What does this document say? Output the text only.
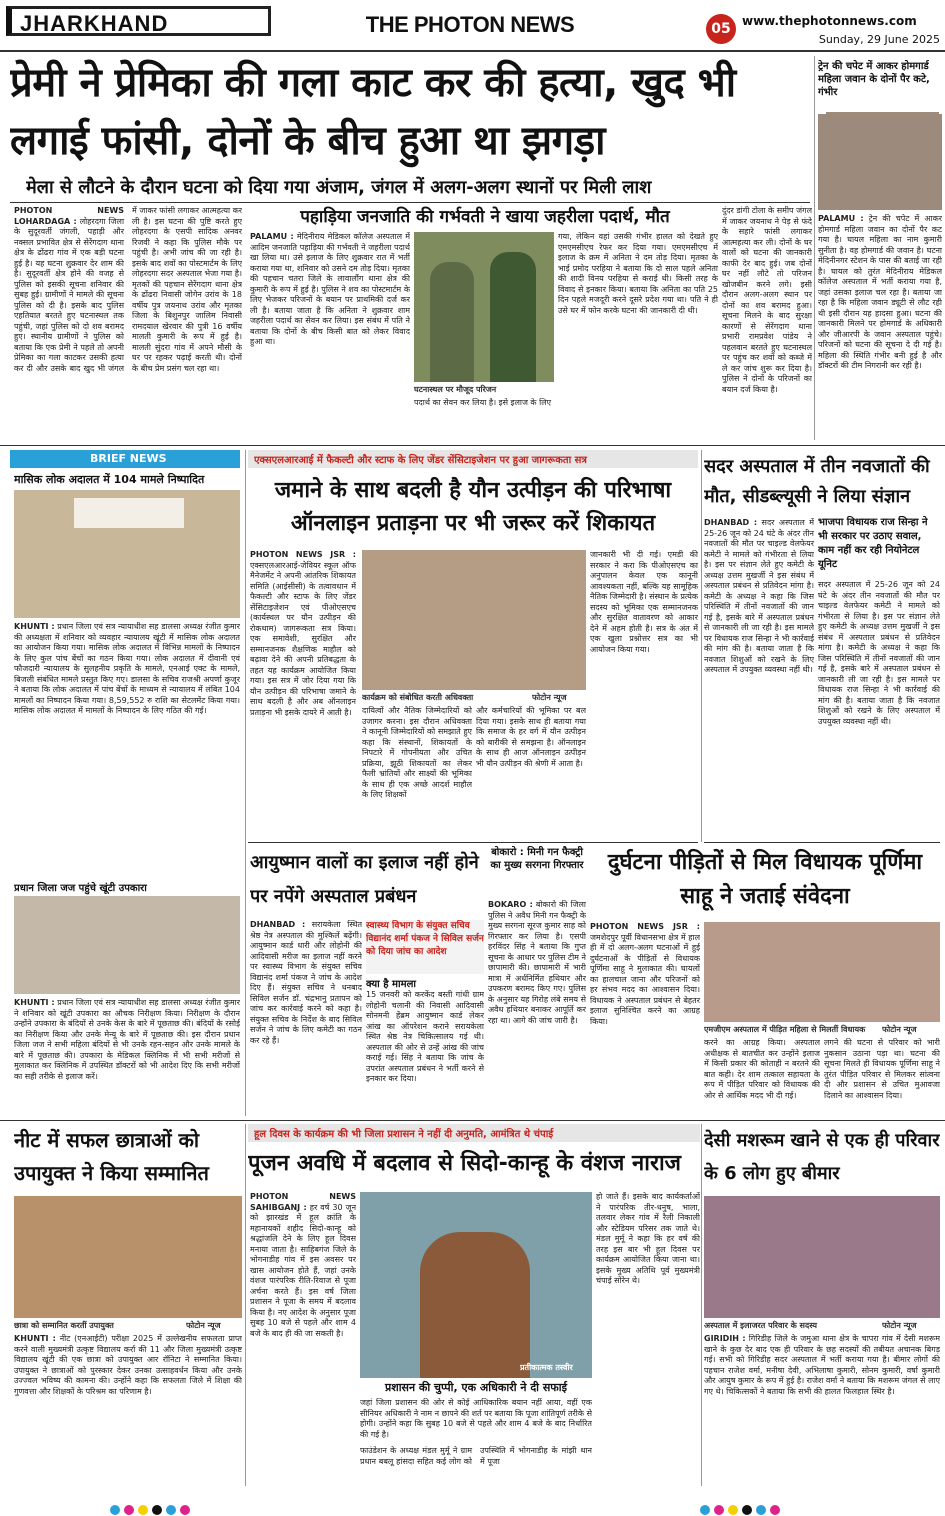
JHARKHAND	THE PHOTON NEWS	05 www.thephotonnews.com
Sunday, 29 June 2025
प्रेमी ने प्रेमिका की गला काट कर की हत्या, खुद भी लगाई फांसी, दोनों के बीच हुआ था झगड़ा
मेला से लौटने के दौरान घटना को दिया गया अंजाम, जंगल में अलग-अलग स्थानों पर मिली लाश
PHOTON NEWS LOHARDAGA : लोहरदगा जिला के सुदूरवर्ती जंगली, पहाड़ी और नक्सल प्रभावित क्षेत्र से सेरेंगदाग थाना क्षेत्र के ढोंढरा गांव में एक बड़ी घटना हुई है। यह घटना शुक्रवार देर शाम की है। सुदूरवर्ती क्षेत्र होने की वजह से पुलिस को इसकी सूचना शनिवार की सुबह हुई। ग्रामीणों ने मामले की सूचना पुलिस को दी है। इसके बाद पुलिस एहतियात बरतते हुए घटनास्थल तक पहुंची, जहां पुलिस को दो शव बरामद हुए। स्थानीय ग्रामीणों ने पुलिस को बताया कि एक प्रेमी ने पहले तो अपनी प्रेमिका का गला काटकर उसकी हत्या कर दी और उसके बाद खुद भी जंगल में जाकर फांसी लगाकर आत्महत्या कर ली है। इस घटना की पुष्टि करते हुए लोहरदगा के एसपी सादिक अनवर रिजवी ने कहा कि पुलिस मौके पर पहुंची है। अभी जांच की जा रही है। इसके बाद शवों का पोस्टमार्टम के लिए लोहरदगा सदर अस्पताल भेजा गया है। मृतकों की पहचान सेरेंगदाग थाना क्षेत्र के ढोंढरा निवासी जोगेन उरांव के 18 वर्षीय पुत्र जयनाथ उरांव और मृतका जिला के बिशुनपुर जालिम निवासी रामदयाल खेरवार की पुत्री 16 वर्षीय मालती कुमारी के रूप में हुई है। मालती सुंदरा गांव में अपने मौसी के घर पर रहकर पढ़ाई करती थी। दोनों के बीच प्रेम प्रसंग चल रहा था।
ट्रेन की चपेट में आकर होमगार्ड महिला जवान के दोनों पैर कटे, गंभीर
PALAMU : ट्रेन की चपेट में आकर होमगार्ड महिला जवान का दोनों पैर कट गया है। घायल महिला का नाम कुमारी सुनीता है। वह होमगार्ड की जवान है। घटना मेदिनीनगर स्टेशन के पास की बताई जा रही है। घायल को तुरंत मेदिनीराय मेडिकल कॉलेज अस्पताल में भर्ती कराया गया है, जहां उसका इलाज चल रहा है। बताया जा रहा है कि महिला जवान ड्यूटी से लौट रही थी इसी दौरान यह हादसा हुआ। घटना की जानकारी मिलने पर होमगार्ड के अधिकारी और जीआरपी के जवान अस्पताल पहुंचे। परिजनों को घटना की सूचना दे दी गई है। महिला की स्थिति गंभीर बनी हुई है और डॉक्टरों की टीम निगरानी कर रही है।
पहाड़िया जनजाति की गर्भवती ने खाया जहरीला पदार्थ, मौत
PALAMU : मेदिनीराय मेडिकल कॉलेज अस्पताल में आदिम जनजाति पहाड़िया की गर्भवती ने जहरीला पदार्थ खा लिया था। उसे इलाज के लिए शुक्रवार रात में भर्ती कराया गया था, शनिवार को उसने दम तोड़ दिया। मृतका की पहचान चतरा जिले के लावालौंग थाना क्षेत्र की कुमारी के रूप में हुई है। पुलिस ने शव का पोस्टमार्टम के लिए भेजकर परिजनों के बयान पर प्राथमिकी दर्ज कर ली है। बताया जाता है कि अनिता ने शुक्रवार शाम जहरीला पदार्थ का सेवन कर लिया। इस संबंध में पति ने बताया कि दोनों के बीच किसी बात को लेकर विवाद हुआ था।
घटनास्थल पर मौजूद परिजन
पदार्थ का सेवन कर लिया है। इसे इलाज के लिए
गया, लेकिन वहां उसकी गंभीर हालत को देखते हुए एमएमसीएच रेफर कर दिया गया। एमएमसीएच में इलाज के क्रम में अनिता ने दम तोड़ दिया। मृतका के भाई प्रमोद परहिया ने बताया कि दो साल पहले अनिता की शादी विनय परहिया से कराई थी। किसी तरह के विवाद से इनकार किया। बताया कि अनिता का पति 25 दिन पहले मजदूरी करने दूसरे प्रदेश गया था। पति ने ही उसे घर में फोन करके घटना की जानकारी दी थी।
दुंदर डांगी टोला के समीप जंगल में जाकर जयनाथ ने पेड़ से फंदे के सहारे फांसी लगाकर आत्महत्या कर ली। दोनों के घर वालों को घटना की जानकारी काफी देर बाद हुई। जब दोनों घर नहीं लौटे तो परिजन खोजबीन करने लगे। इसी दौरान अलग-अलग स्थान पर दोनों का शव बरामद हुआ। सूचना मिलने के बाद सुरक्षा कारणों से सेरेंगदाग थाना प्रभारी रामप्रवेश पांडेय ने पहलवान बरतते हुए घटनास्थल पर पहुंच कर शवों को कब्जे में ले कर जांच शुरू कर दिया है। पुलिस ने दोनों के परिजनों का बयान दर्ज किया है।
BRIEF NEWS
मासिक लोक अदालत में 104 मामले निष्पादित
KHUNTI : प्रधान जिला एवं सत्र न्यायाधीश सह डालसा अध्यक्ष रंजीत कुमार की अध्यक्षता में शनिवार को व्यवहार न्यायालय खूंटी में मासिक लोक अदालत का आयोजन किया गया। मासिक लोक अदालत में विभिन्न मामलों के निष्पादन के लिए कुल पांच बेंचों का गठन किया गया। लोक अदालत में दीवानी एवं फौजदारी न्यायालय के सुलहनीय प्रकृति के मामले, एनआई एक्ट के मामले, बिजली संबंधित मामले प्रस्तुत किए गए। डालसा के सचिव राजश्री अपर्णा कुजूर ने बताया कि लोक अदालत में पांच बेंचों के माध्यम से न्यायालय में लंबित 104 मामलों का निष्पादन किया गया। 8,59,552 रु राशि का सेटलमेंट किया गया। मासिक लोक अदालत में मामलों के निष्पादन के लिए गठित की गई।
प्रधान जिला जज पहुंचे खूंटी उपकारा
KHUNTI : प्रधान जिला एवं सत्र न्यायाधीश सह डालसा अध्यक्ष रंजीत कुमार ने शनिवार को खूंटी उपकारा का औचक निरीक्षण किया। निरीक्षण के दौरान उन्होंने उपकारा के बंदियों से उनके केस के बारे में पूछताछ की। बंदियों के रसोई का निरीक्षण किया और उनके मेन्यू के बारे में पूछताछ की। इस दौरान प्रधान जिला जज ने सभी महिला बंदियों से भी उनके रहन-सहन और उनके मामले के बारे में पूछताछ की। उपकारा के मेडिकल क्लिनिक में भी सभी मरीजों से मुलाकात कर क्लिनिक में उपस्थित डॉक्टरों को भी आदेश दिए कि सभी मरीजों का सही तरीके से इलाज करें।
एक्सएलआरआई में फैकल्टी और स्टाफ के लिए जेंडर सेंसिटाइजेशन पर हुआ जागरूकता सत्र
जमाने के साथ बदली है यौन उत्पीड़न की परिभाषा ऑनलाइन प्रताड़ना पर भी जरूर करें शिकायत
PHOTON NEWS JSR : एक्सएलआरआई-जेवियर स्कूल ऑफ मैनेजमेंट ने अपनी आंतरिक शिकायत समिति (आईसीसी) के तत्वावधान में फैकल्टी और स्टाफ के लिए जेंडर सेंसिटाइजेशन एवं पीओएसएच (कार्यस्थल पर यौन उत्पीड़न की रोकथाम) जागरूकता सत्र किया। एक समावेशी, सुरक्षित और सम्मानजनक शैक्षणिक माहौल को बढ़ावा देने की अपनी प्रतिबद्धता के तहत यह कार्यक्रम आयोजित किया गया। इस सत्र में जोर दिया गया कि यौन उत्पीड़न की परिभाषा जमाने के साथ बदली है और अब ऑनलाइन प्रताड़ना भी इसके दायरे में आती है।
कार्यक्रम को संबोधित करती अधिवक्ता	फोटोन न्यूज
दायित्वों और नैतिक जिम्मेदारियों को उजागर करना। इस दौरान अधिवक्ता ने कानूनी जिम्मेदारियों को समझाते हुए कहा कि संस्थानों, शिकायतों के निपटारे में गोपनीयता और उचित प्रक्रिया, झूठी शिकायतों का लेकर फैली भ्रांतियों और साक्ष्यों की भूमिका के साथ ही एक अच्छे आदर्श माहौल के लिए शिक्षकों
और कर्मचारियों की भूमिका पर बल दिया गया। इसके साथ ही बताया गया कि समाज के हर वर्ग में यौन उत्पीड़न को बारीकी से समझना है। ऑनलाइन के साथ ही आज ऑनलाइन उत्पीड़न भी यौन उत्पीड़न की श्रेणी में आता है।
जानकारी भी दी गई। एमडी की सरकार ने करा कि पीओएसएच का अनुपालन केवल एक कानूनी आवश्यकता नहीं, बल्कि यह सामूहिक नैतिक जिम्मेदारी है। संस्थान के प्रत्येक सदस्य को भूमिका एक सम्मानजनक और सुरक्षित वातावरण को आकार देने में अहम होती है। सत्र के अंत में एक खुला प्रश्नोत्तर सत्र का भी आयोजन किया गया।
सदर अस्पताल में तीन नवजातों की मौत, सीडब्ल्यूसी ने लिया संज्ञान
भाजपा विधायक राज सिन्हा ने भी सरकार पर उठाए सवाल, काम नहीं कर रही नियोनेटल यूनिट
DHANBAD : सदर अस्पताल में 25-26 जून को 24 घंटे के अंदर तीन नवजातों की मौत पर चाइल्ड वेलफेयर कमेटी ने मामले को गंभीरता से लिया है। इस पर संज्ञान लेते हुए कमेटी के अध्यक्ष उत्तम मुखर्जी ने इस संबंध में अस्पताल प्रबंधन से प्रतिवेदन मांगा है। कमेटी के अध्यक्ष ने कहा कि जिस परिस्थिति में तीनों नवजातों की जान गई है, इसके बारे में अस्पताल प्रबंधन से जानकारी ली जा रही है। इस मामले पर विधायक राज सिन्हा ने भी कार्रवाई की मांग की है। बताया जाता है कि नवजात शिशुओं को रखने के लिए अस्पताल में उपयुक्त व्यवस्था नहीं थी।
सदर अस्पताल में 25-26 जून को 24 घंटे के अंदर तीन नवजातों की मौत पर चाइल्ड वेलफेयर कमेटी ने मामले को गंभीरता से लिया है। इस पर संज्ञान लेते हुए कमेटी के अध्यक्ष उत्तम मुखर्जी ने इस संबंध में अस्पताल प्रबंधन से प्रतिवेदन मांगा है। कमेटी के अध्यक्ष ने कहा कि जिस परिस्थिति में तीनों नवजातों की जान गई है, इसके बारे में अस्पताल प्रबंधन से जानकारी ली जा रही है। इस मामले पर विधायक राज सिन्हा ने भी कार्रवाई की मांग की है। बताया जाता है कि नवजात शिशुओं को रखने के लिए अस्पताल में उपयुक्त व्यवस्था नहीं थी।
आयुष्मान वालों का इलाज नहीं होने पर नपेंगे अस्पताल प्रबंधन
DHANBAD : सरायकेला स्थित श्रेष्ठ नेत्र अस्पताल की मुश्किलें बढ़ेंगी। आयुष्मान कार्ड धारी और लोहोनी की आदिवासी मरीज का इलाज नहीं करने पर स्वास्थ्य विभाग के संयुक्त सचिव विद्यानंद शर्मा पंकज ने जांच के आदेश दिए हैं। संयुक्त सचिव ने धनबाद सिविल सर्जन डॉ. चंद्रभानु प्रतापन को जांच कर कार्रवाई करने को कहा है। संयुक्त सचिव के निर्देश के बाद सिविल सर्जन ने जांच के लिए कमेटी का गठन कर रहे हैं।
स्वास्थ्य विभाग के संयुक्त सचिव विद्यानंद शर्मा पंकज ने सिविल सर्जन को दिया जांच का आदेश
क्या है मामला
15 जनवरी को करकेंद बस्ती गांधी ग्राम लोहोनी चलानी की निवासी आदिवासी सोनमनी हेंब्रम आयुष्मान कार्ड लेकर आंख का ऑपरेशन कराने सरायकेला स्थित श्रेष्ठ नेत्र चिकित्सालय गई थी। अस्पताल की ओर से उन्हें आंख की जांच कराई गई। सिंह ने बताया कि जांच के उपरांत अस्पताल प्रबंधन ने भर्ती करने से इनकार कर दिया।
बोकारो : मिनी गन फैक्ट्री का मुख्य सरगना गिरफ्तार
BOKARO : बोकारो की जिला पुलिस ने अवैध मिनी गन फैक्ट्री के मुख्य सरगना सूरज कुमार साह को गिरफ्तार कर लिया है। एसपी हरविंदर सिंह ने बताया कि गुप्त सूचना के आधार पर पुलिस टीम ने छापामारी की। छापामारी में भारी मात्रा में अर्धनिर्मित हथियार और उपकरण बरामद किए गए। पुलिस के अनुसार यह गिरोह लंबे समय से अवैध हथियार बनाकर आपूर्ति कर रहा था। आगे की जांच जारी है।
दुर्घटना पीड़ितों से मिल विधायक पूर्णिमा साहू ने जताई संवेदना
PHOTON NEWS JSR : जमशेदपुर पूर्वी विधानसभा क्षेत्र में हाल ही में दो अलग-अलग घटनाओं में हुई दुर्घटनाओं के पीड़ितों से विधायक पूर्णिमा साहू ने मुलाकात की। घायलों का हालचाल जाना और परिजनों को हर संभव मदद का आश्वासन दिया। विधायक ने अस्पताल प्रबंधन से बेहतर इलाज सुनिश्चित करने का आग्रह किया।
एमजीएम अस्पताल में पीड़ित महिला से मिलतीं विधायक	फोटोन न्यूज
करने का आग्रह किया। अस्पताल अधीक्षक से बातचीत कर उन्होंने इलाज में किसी प्रकार की कोताही न बरतने की बात कही। देर शाम तत्काल सहायता के रूप में पीड़ित परिवार को विधायक की ओर से आर्थिक मदद भी दी गई।
लगने की घटना से परिवार को भारी नुकसान उठाना पड़ा था। घटना की सूचना मिलते ही विधायक पूर्णिमा साहू ने तुरंत पीड़ित परिवार से मिलकर सांत्वना दी और प्रशासन से उचित मुआवजा दिलाने का आश्वासन दिया।
नीट में सफल छात्राओं को उपायुक्त ने किया सम्मानित
छात्रा को सम्मानित करतीं उपायुक्त	फोटोन न्यूज
KHUNTI : नीट (एनआईटी) परीक्षा 2025 में उल्लेखनीय सफलता प्राप्त करने वाली मुख्यमंत्री उत्कृष्ट विद्यालय कर्रा की 11 और जिला मुख्यमंत्री उत्कृष्ट विद्यालय खूंटी की एक छात्रा को उपायुक्त आर रॉनिटा ने सम्मानित किया। उपायुक्त ने छात्राओं को पुरस्कार देकर उनका उत्साहवर्धन किया और उनके उज्ज्वल भविष्य की कामना की। उन्होंने कहा कि सफलता जिले में शिक्षा की गुणवत्ता और शिक्षकों के परिश्रम का परिणाम है।
हूल दिवस के कार्यक्रम की भी जिला प्रशासन ने नहीं दी अनुमति, आमंत्रित थे चंपाई
पूजन अवधि में बदलाव से सिदो-कान्हू के वंशज नाराज
PHOTON NEWS SAHIBGANJ : हर वर्ष 30 जून को झारखंड में हूल क्रांति के महानायकों शहीद सिदो-कान्हू को श्रद्धांजलि देने के लिए हूल दिवस मनाया जाता है। साहिबगंज जिले के भोगनाडीह गांव में इस अवसर पर खास आयोजन होते हैं, जहां उनके वंशज पारंपरिक रीति-रिवाज से पूजा अर्चना करते हैं। इस वर्ष जिला प्रशासन ने पूजा के समय में बदलाव किया है। नए आदेश के अनुसार पूजा सुबह 10 बजे से पहले और शाम 4 बजे के बाद ही की जा सकती है।
प्रतीकात्मक तस्वीर
प्रशासन की चुप्पी, एक अधिकारी ने दी सफाई
जहां जिला प्रशासन की ओर से कोई आधिकारिक बयान नहीं आया, वहीं एक सीनियर अधिकारी ने नाम न छापने की शर्त पर बताया कि पूजा शांतिपूर्ण तरीके से होगी। उन्होंने कहा कि सुबह 10 बजे से पहले और शाम 4 बजे के बाद निर्धारित की गई है।
फाउंडेशन के अध्यक्ष मंडल मुर्मू ने ग्राम प्रधान बबलू हांसदा सहित कई लोग को उपस्थिति में भोगनाडीह के मांझी थान में पूजा
हो जाते हैं। इसके बाद कार्यकर्ताओं ने पारंपरिक तीर-धनुष, भाला, तलवार लेकर गांव में रैली निकाली और स्टेडियम परिसर तक जाते थे। मंडल मुर्मू ने कहा कि हर वर्ष की तरह इस बार भी हूल दिवस पर कार्यक्रम आयोजित किया जाना था। इसके मुख्य अतिथि पूर्व मुख्यमंत्री चंपाई सोरेन थे।
देसी मशरूम खाने से एक ही परिवार के 6 लोग हुए बीमार
अस्पताल में इलाजरत परिवार के सदस्य	फोटोन न्यूज
GIRIDIH : गिरिडीह जिले के जमुआ थाना क्षेत्र के चापरा गांव में देसी मशरूम खाने के कुछ देर बाद एक ही परिवार के छह सदस्यों की तबीयत अचानक बिगड़ गई। सभी को गिरिडीह सदर अस्पताल में भर्ती कराया गया है। बीमार लोगों की पहचान राजेश वर्मा, मनीषा देवी, अभिलाषा कुमारी, सोनम कुमारी, वर्षा कुमारी और आयुष कुमार के रूप में हुई है। राजेश वर्मा ने बताया कि मशरूम जंगल से लाए गए थे। चिकित्सकों ने बताया कि सभी की हालत फिलहाल स्थिर है।
